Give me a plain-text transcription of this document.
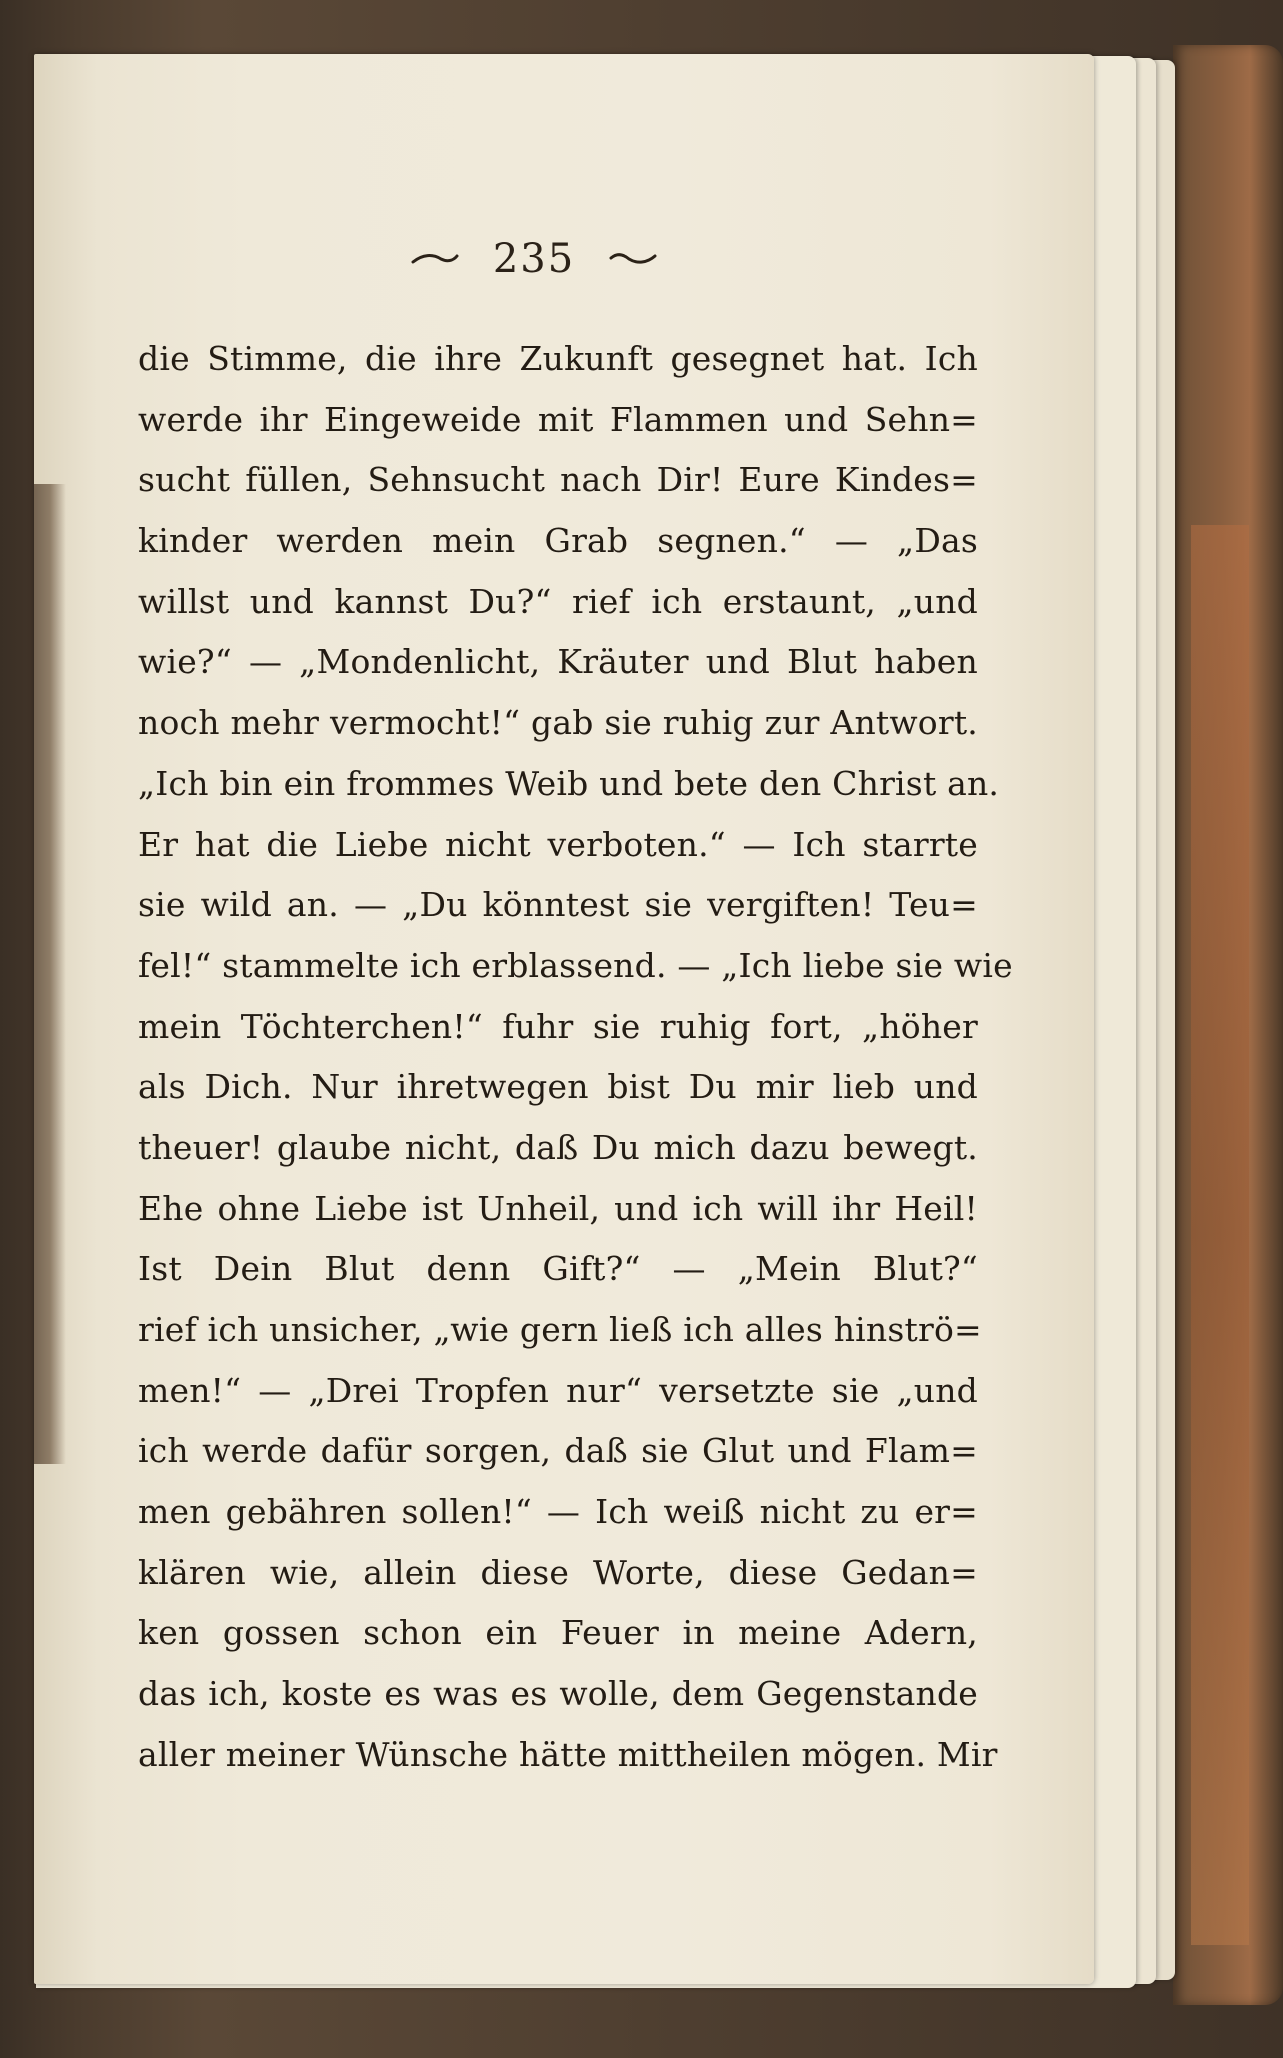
235
die Stimme, die ihre Zukunft gesegnet hat. Ich
werde ihr Eingeweide mit Flammen und Sehn=
sucht füllen, Sehnsucht nach Dir! Eure Kindes=
kinder werden mein Grab segnen.“ — „Das
willst und kannst Du?“ rief ich erstaunt, „und
wie?“ — „Mondenlicht, Kräuter und Blut haben
noch mehr vermocht!“ gab sie ruhig zur Antwort.
„Ich bin ein frommes Weib und bete den Christ an.
Er hat die Liebe nicht verboten.“ — Ich starrte
sie wild an. — „Du könntest sie vergiften! Teu=
fel!“ stammelte ich erblassend. — „Ich liebe sie wie
mein Töchterchen!“ fuhr sie ruhig fort, „höher
als Dich. Nur ihretwegen bist Du mir lieb und
theuer! glaube nicht, daß Du mich dazu bewegt.
Ehe ohne Liebe ist Unheil, und ich will ihr Heil!
Ist Dein Blut denn Gift?“ — „Mein Blut?“
rief ich unsicher, „wie gern ließ ich alles hinströ=
men!“ — „Drei Tropfen nur“ versetzte sie „und
ich werde dafür sorgen, daß sie Glut und Flam=
men gebähren sollen!“ — Ich weiß nicht zu er=
klären wie, allein diese Worte, diese Gedan=
ken gossen schon ein Feuer in meine Adern,
das ich, koste es was es wolle, dem Gegenstande
aller meiner Wünsche hätte mittheilen mögen. Mir
